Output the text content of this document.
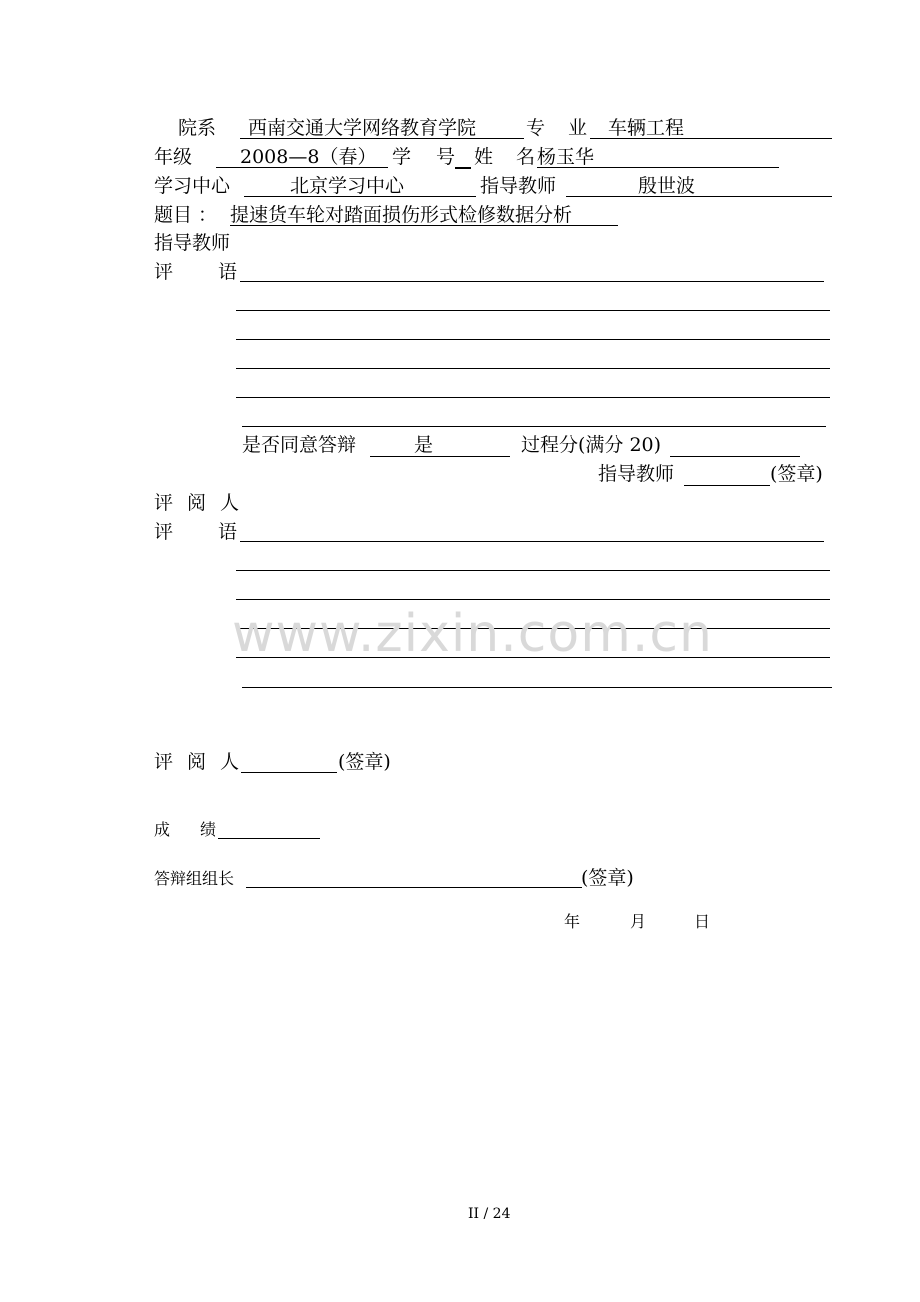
院系 西南交通大学网络教育学院	专 业 车辆工程
年级	2008—8（春） 学 号 姓 名 杨玉华
学习中心	北京学习中心	指导教师	殷世波
题目 ： 提速货车轮对踏面损伤形式检修数据分析
指导教师
评 语
是否同意答辩	是	过程分(满分 20)
指导教师	(签章)
评 阅 人
评 语
www.zixin.com.cn
评 阅 人	(签章)
成 绩
答辩组组长	(签章)
年	月	日
II / 24
